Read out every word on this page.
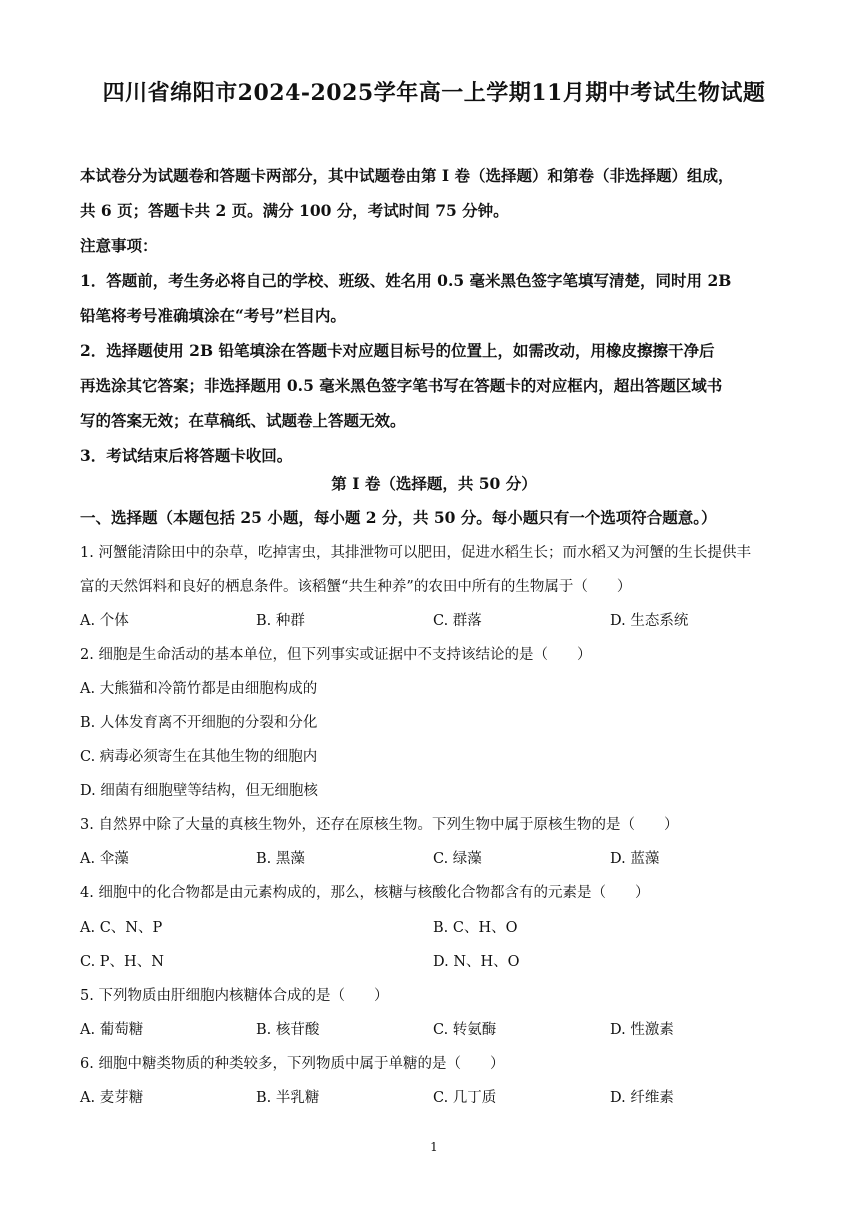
四川省绵阳市2024-2025学年高一上学期11月期中考试生物试题
本试卷分为试题卷和答题卡两部分，其中试题卷由第 I 卷（选择题）和第卷（非选择题）组成，
共 6 页；答题卡共 2 页。满分 100 分，考试时间 75 分钟。
注意事项：
1．答题前，考生务必将自己的学校、班级、姓名用 0.5 毫米黑色签字笔填写清楚，同时用 2B
铅笔将考号准确填涂在“考号”栏目内。
2．选择题使用 2B 铅笔填涂在答题卡对应题目标号的位置上，如需改动，用橡皮擦擦干净后
再选涂其它答案；非选择题用 0.5 毫米黑色签字笔书写在答题卡的对应框内，超出答题区域书
写的答案无效；在草稿纸、试题卷上答题无效。
3．考试结束后将答题卡收回。
第 I 卷（选择题，共 50 分）
一、选择题（本题包括 25 小题，每小题 2 分，共 50 分。每小题只有一个选项符合题意。）
1. 河蟹能清除田中的杂草，吃掉害虫，其排泄物可以肥田，促进水稻生长；而水稻又为河蟹的生长提供丰
富的天然饵料和良好的栖息条件。该稻蟹“共生种养”的农田中所有的生物属于（　　）
A. 个体	B. 种群	C. 群落	D. 生态系统
2. 细胞是生命活动的基本单位，但下列事实或证据中不支持该结论的是（　　）
A. 大熊猫和冷箭竹都是由细胞构成的
B. 人体发育离不开细胞的分裂和分化
C. 病毒必须寄生在其他生物的细胞内
D. 细菌有细胞壁等结构，但无细胞核
3. 自然界中除了大量的真核生物外，还存在原核生物。下列生物中属于原核生物的是（　　）
A. 伞藻	B. 黑藻	C. 绿藻	D. 蓝藻
4. 细胞中的化合物都是由元素构成的，那么，核糖与核酸化合物都含有的元素是（　　）
A. C、N、P	B. C、H、O
C. P、H、N	D. N、H、O
5. 下列物质由肝细胞内核糖体合成的是（　　）
A. 葡萄糖	B. 核苷酸	C. 转氨酶	D. 性激素
6. 细胞中糖类物质的种类较多，下列物质中属于单糖的是（　　）
A. 麦芽糖	B. 半乳糖	C. 几丁质	D. 纤维素
1
